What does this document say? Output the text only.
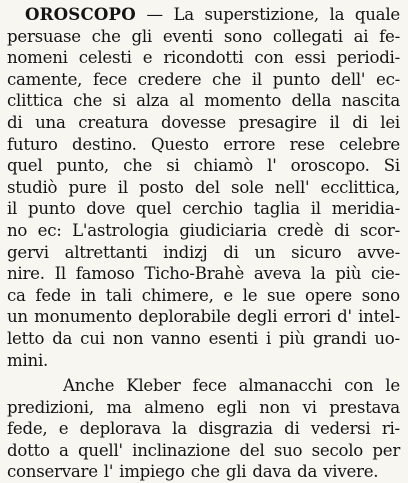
OROSCOPO — La superstizione, la quale
persuase che gli eventi sono collegati ai fe-
nomeni celesti e ricondotti con essi periodi-
camente, fece credere che il punto dell' ec-
clittica che si alza al momento della nascita
di una creatura dovesse presagire il di lei
futuro destino. Questo errore rese celebre
quel punto, che si chiamò l' oroscopo. Si
studiò pure il posto del sole nell' ecclittica,
il punto dove quel cerchio taglia il meridia-
no ec: L'astrologia giudiciaria credè di scor-
gervi altrettanti indizj di un sicuro avve-
nire. Il famoso Ticho-Brahè aveva la più cie-
ca fede in tali chimere, e le sue opere sono
un monumento deplorabile degli errori d' intel-
letto da cui non vanno esenti i più grandi uo-
mini.
Anche Kleber fece almanacchi con le
predizioni, ma almeno egli non vi prestava
fede, e deplorava la disgrazia di vedersi ri-
dotto a quell' inclinazione del suo secolo per
conservare l' impiego che gli dava da vivere.
